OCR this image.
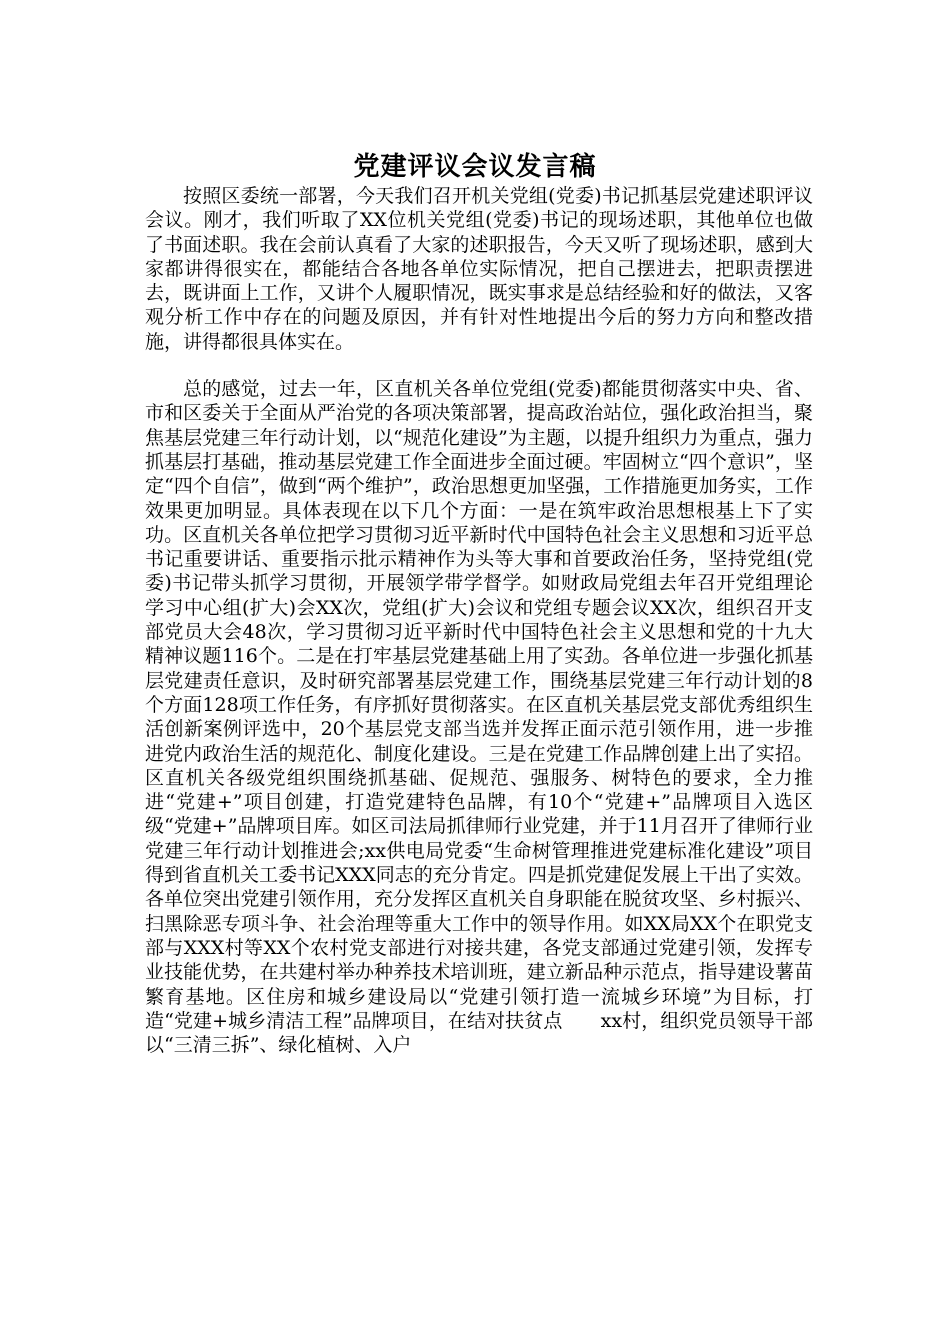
党建评议会议发言稿

按照区委统一部署，今天我们召开机关党组(党委)书记抓基层党建述职评议会议。刚才，我们听取了XX位机关党组(党委)书记的现场述职，其他单位也做了书面述职。我在会前认真看了大家的述职报告，今天又听了现场述职，感到大家都讲得很实在，都能结合各地各单位实际情况，把自己摆进去，把职责摆进去，既讲面上工作，又讲个人履职情况，既实事求是总结经验和好的做法，又客观分析工作中存在的问题及原因，并有针对性地提出今后的努力方向和整改措施，讲得都很具体实在。

总的感觉，过去一年，区直机关各单位党组(党委)都能贯彻落实中央、省、市和区委关于全面从严治党的各项决策部署，提高政治站位，强化政治担当，聚焦基层党建三年行动计划，以“规范化建设”为主题，以提升组织力为重点，强力抓基层打基础，推动基层党建工作全面进步全面过硬。牢固树立“四个意识”，坚定“四个自信”，做到“两个维护”，政治思想更加坚强，工作措施更加务实，工作效果更加明显。具体表现在以下几个方面：一是在筑牢政治思想根基上下了实功。区直机关各单位把学习贯彻习近平新时代中国特色社会主义思想和习近平总书记重要讲话、重要指示批示精神作为头等大事和首要政治任务，坚持党组(党委)书记带头抓学习贯彻，开展领学带学督学。如财政局党组去年召开党组理论学习中心组(扩大)会XX次，党组(扩大)会议和党组专题会议XX次，组织召开支部党员大会48次，学习贯彻习近平新时代中国特色社会主义思想和党的十九大精神议题116个。二是在打牢基层党建基础上用了实劲。各单位进一步强化抓基层党建责任意识，及时研究部署基层党建工作，围绕基层党建三年行动计划的8个方面128项工作任务，有序抓好贯彻落实。在区直机关基层党支部优秀组织生活创新案例评选中，20个基层党支部当选并发挥正面示范引领作用，进一步推进党内政治生活的规范化、制度化建设。三是在党建工作品牌创建上出了实招。区直机关各级党组织围绕抓基础、促规范、强服务、树特色的要求，全力推进“党建+”项目创建，打造党建特色品牌，有10个“党建+”品牌项目入选区级“党建+”品牌项目库。如区司法局抓律师行业党建，并于11月召开了律师行业党建三年行动计划推进会;xx供电局党委“生命树管理推进党建标准化建设”项目得到省直机关工委书记XXX同志的充分肯定。四是抓党建促发展上干出了实效。各单位突出党建引领作用，充分发挥区直机关自身职能在脱贫攻坚、乡村振兴、扫黑除恶专项斗争、社会治理等重大工作中的领导作用。如XX局XX个在职党支部与XXX村等XX个农村党支部进行对接共建，各党支部通过党建引领，发挥专业技能优势，在共建村举办种养技术培训班，建立新品种示范点，指导建设薯苗繁育基地。区住房和城乡建设局以“党建引领打造一流城乡环境”为目标，打造“党建+城乡清洁工程”品牌项目，在结对扶贫点　　xx村，组织党员领导干部以“三清三拆”、绿化植树、入户
